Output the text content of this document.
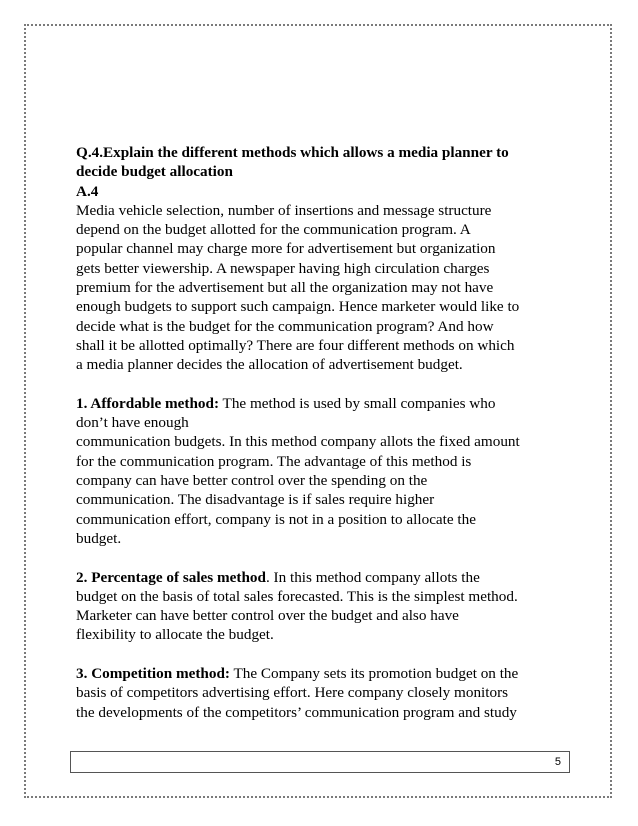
Q.4.Explain the different methods which allows a media planner to
decide budget allocation
A.4
Media vehicle selection, number of insertions and message structure
depend on the budget allotted for the communication program. A
popular channel may charge more for advertisement but organization
gets better viewership. A newspaper having high circulation charges
premium for the advertisement but all the organization may not have
enough budgets to support such campaign. Hence marketer would like to
decide what is the budget for the communication program? And how
shall it be allotted optimally? There are four different methods on which
a media planner decides the allocation of advertisement budget.
1. Affordable method: The method is used by small companies who
don’t have enough
communication budgets. In this method company allots the fixed amount
for the communication program. The advantage of this method is
company can have better control over the spending on the
communication. The disadvantage is if sales require higher
communication effort, company is not in a position to allocate the
budget.
2. Percentage of sales method. In this method company allots the
budget on the basis of total sales forecasted. This is the simplest method.
Marketer can have better control over the budget and also have
flexibility to allocate the budget.
3. Competition method: The Company sets its promotion budget on the
basis of competitors advertising effort. Here company closely monitors
the developments of the competitors’ communication program and study
5
